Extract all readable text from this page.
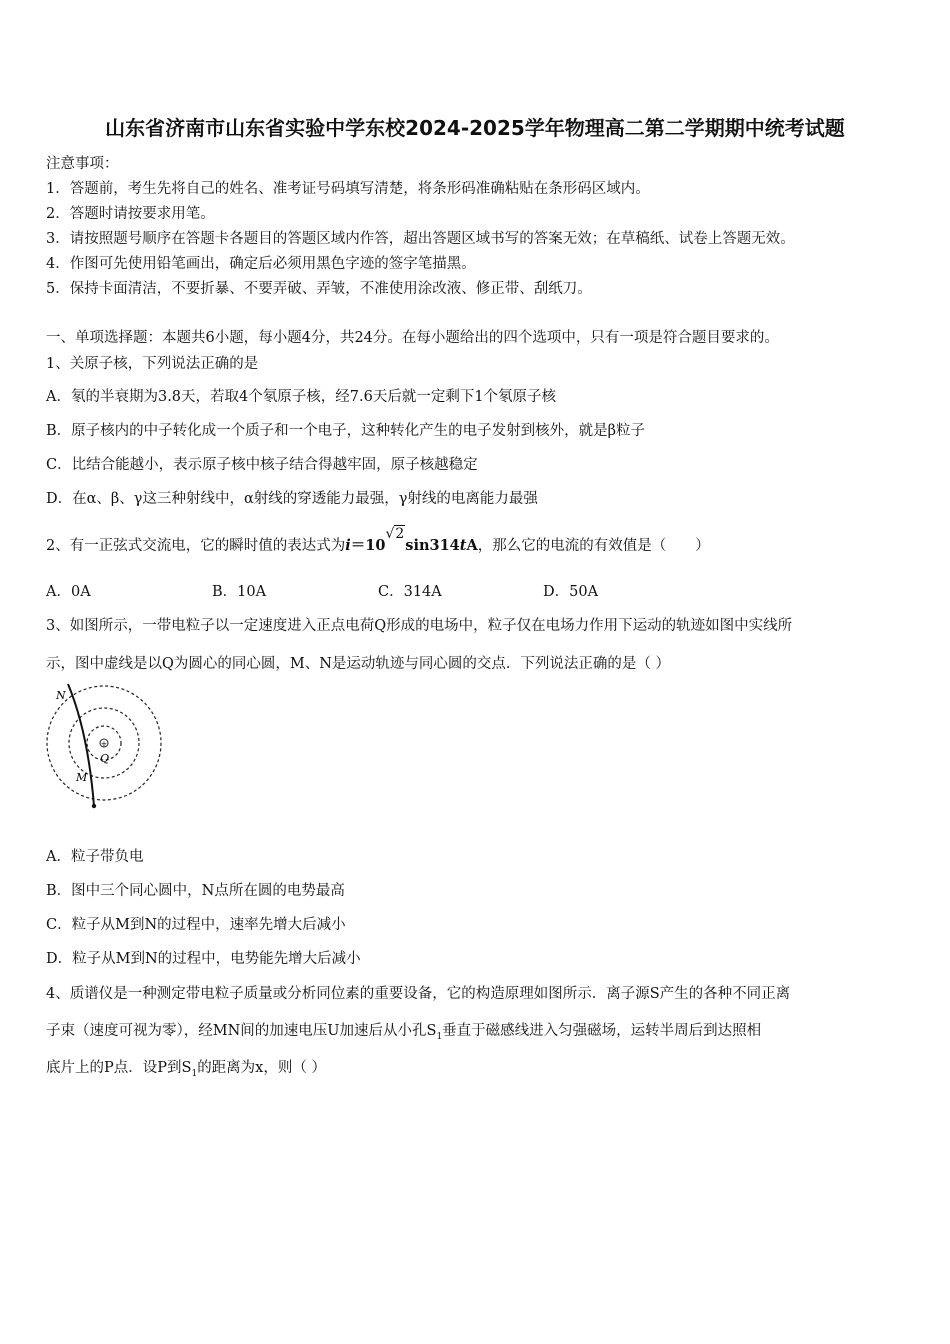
山东省济南市山东省实验中学东校2024-2025学年物理高二第二学期期中统考试题
注意事项：
1．答题前，考生先将自己的姓名、准考证号码填写清楚，将条形码准确粘贴在条形码区域内。
2．答题时请按要求用笔。
3．请按照题号顺序在答题卡各题目的答题区域内作答，超出答题区域书写的答案无效；在草稿纸、试卷上答题无效。
4．作图可先使用铅笔画出，确定后必须用黑色字迹的签字笔描黑。
5．保持卡面清洁，不要折暴、不要弄破、弄皱，不准使用涂改液、修正带、刮纸刀。
一、单项选择题：本题共6小题，每小题4分，共24分。在每小题给出的四个选项中，只有一项是符合题目要求的。
1、关原子核，下列说法正确的是
A．氡的半衰期为3.8天，若取4个氡原子核，经7.6天后就一定剩下1个氡原子核
B．原子核内的中子转化成一个质子和一个电子，这种转化产生的电子发射到核外，就是β粒子
C．比结合能越小，表示原子核中核子结合得越牢固，原子核越稳定
D．在α、β、γ这三种射线中，α射线的穿透能力最强，γ射线的电离能力最强
2、有一正弦式交流电，它的瞬时值的表达式为i＝10√2sin314tA，那么它的电流的有效值是（　　）
A．0A	B．10A	C．314A	D．50A
3、如图所示，一带电粒子以一定速度进入正点电荷Q形成的电场中，粒子仅在电场力作用下运动的轨迹如图中实线所
示，图中虚线是以Q为圆心的同心圆，M、N是运动轨迹与同心圆的交点．下列说法正确的是（ ）
+
N
M
Q
A．粒子带负电
B．图中三个同心圆中，N点所在圆的电势最高
C．粒子从M到N的过程中，速率先增大后减小
D．粒子从M到N的过程中，电势能先增大后减小
4、质谱仪是一种测定带电粒子质量或分析同位素的重要设备，它的构造原理如图所示．离子源S产生的各种不同正离
子束（速度可视为零），经MN间的加速电压U加速后从小孔$S_1$垂直于磁感线进入匀强磁场，运转半周后到达照相
底片上的P点．设P到$S_1$的距离为x，则（ ）
